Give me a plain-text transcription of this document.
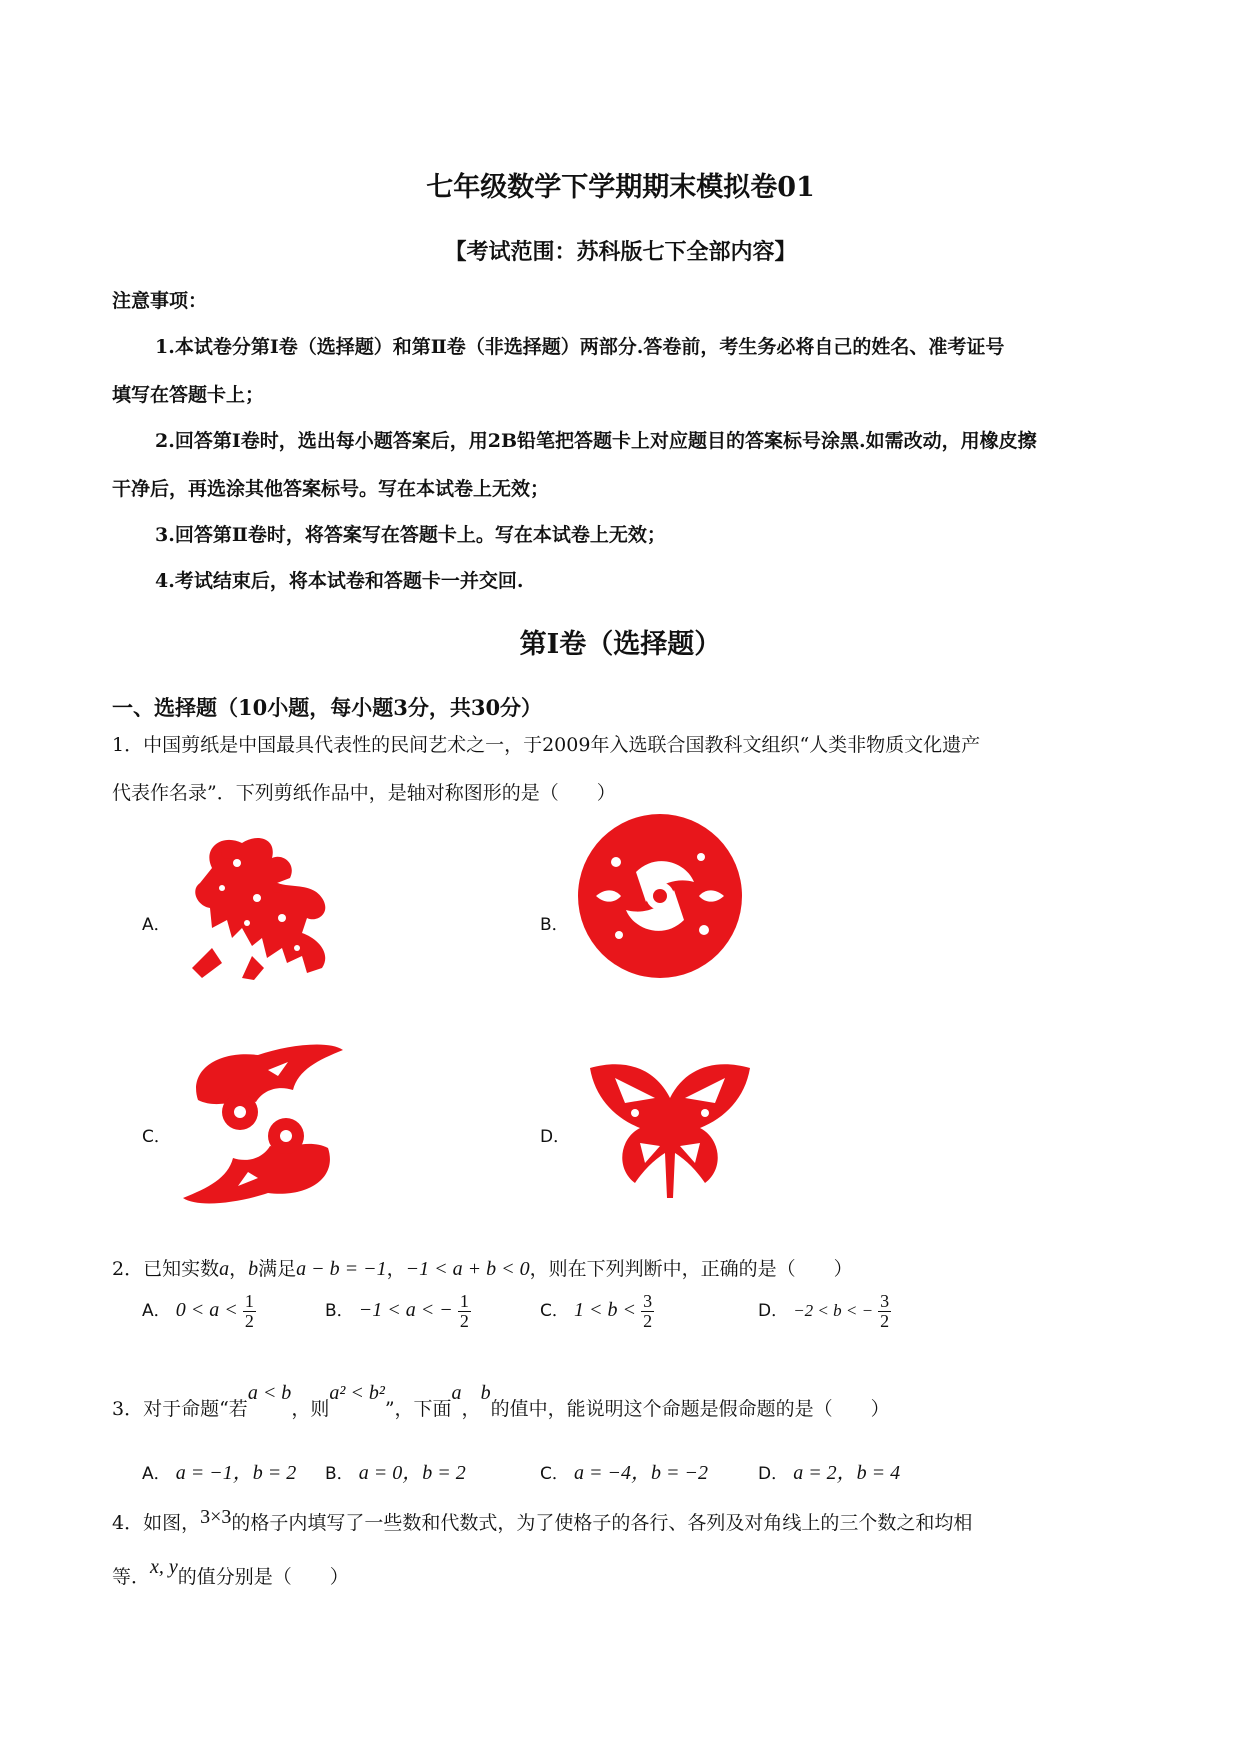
七年级数学下学期期末模拟卷01
【考试范围：苏科版七下全部内容】
注意事项：
1.本试卷分第Ⅰ卷（选择题）和第Ⅱ卷（非选择题）两部分.答卷前，考生务必将自己的姓名、准考证号
填写在答题卡上；
2.回答第Ⅰ卷时，选出每小题答案后，用2B铅笔把答题卡上对应题目的答案标号涂黑.如需改动，用橡皮擦
干净后，再选涂其他答案标号。写在本试卷上无效；
3.回答第Ⅱ卷时，将答案写在答题卡上。写在本试卷上无效；
4.考试结束后，将本试卷和答题卡一并交回.
第I卷（选择题）
一、选择题（10小题，每小题3分，共30分）
1．中国剪纸是中国最具代表性的民间艺术之一，于2009年入选联合国教科文组织“人类非物质文化遗产
代表作名录”．下列剪纸作品中，是轴对称图形的是（　　）
A．	B．
C．	D．
2．已知实数a，b满足a − b = −1，−1 < a + b < 0，则在下列判断中，正确的是（　　）
A． $0 < a < \frac{1}{2}$	B． −1 < a < − $\frac{1}{2}$	C． $1 < b < \frac{3}{2}$	D． −2 < b < − $\frac{3}{2}$
3．对于命题“若a < b，则a² < b²”，下面a，b的值中，能说明这个命题是假命题的是（　　）
A． a = −1，b = 2 B． a = 0，b = 2	C． a = −4，b = −2	D． a = 2，b = 4
4．如图，3×3的格子内填写了一些数和代数式，为了使格子的各行、各列及对角线上的三个数之和均相
等．x, y的值分别是（　　）
